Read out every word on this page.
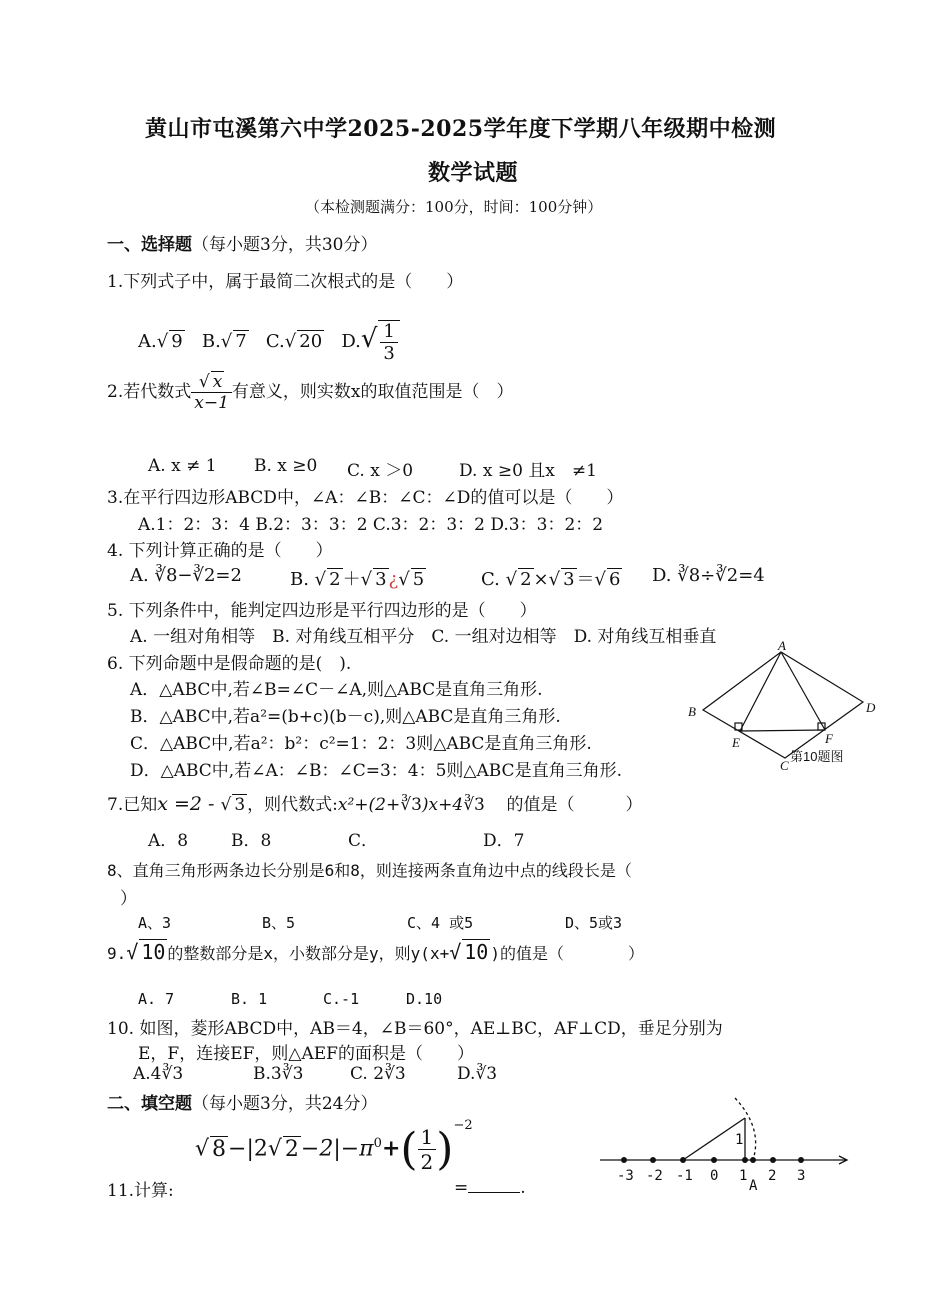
黄山市屯溪第六中学2025-2025学年度下学期八年级期中检测
数学试题
（本检测题满分：100分，时间：100分钟）
一、选择题（每小题3分，共30分）
1.下列式子中，属于最简二次根式的是（　　）
A.√ 9 B.√ 7 C.√ 20 $D.√ \frac{1}{3}$
2.若代数式 $\frac{√ x}{x-1}$ 有意义，则实数x的取值范围是（　）
A. x ≠ 1 B. x ≥0 C. x ＞0	D. x ≥0 且x　≠1
3.在平行四边形ABCD中，∠A：∠B：∠C：∠D的值可以是（　　）
A.1：2：3：4 B.2：3：3：2 C.3：2：3：2 D.3：3：2：2
4. 下列计算正确的是（　　）
A. ∛8−∛2=2	B. √ 2 ＋√ 3 ¿√ 5	C. √ 2 ×√ 3 ＝√ 6 D. ∛8÷∛2=4
5. 下列条件中，能判定四边形是平行四边形的是（　　）
A. 一组对角相等　B. 对角线互相平分　C. 一组对边相等　D. 对角线互相垂直
6. 下列命题中是假命题的是(　).
A．△ABC中,若∠B=∠C－∠A,则△ABC是直角三角形.
B．△ABC中,若a²=(b+c)(b－c),则△ABC是直角三角形.
C．△ABC中,若a²：b²：c²=1：2：3则△ABC是直角三角形.
D．△ABC中,若∠A：∠B：∠C=3：4：5则△ABC是直角三角形.
A
B	D
E	F
C
第10题图
7.已知x =2 - √ 3 ，则代数式:x²+(2+∛3)x+4∛3 的值是（　　　）
A．8	B．8	C．	D．7
8、直角三角形两条边长分别是6和8，则连接两条直角边中点的线段长是（
）
A、3	B、5	C、4 或5	D、5或3
9.√ 10 的整数部分是x，小数部分是y，则y(x+√ 10 )的值是（　　　　）
A. 7	B. 1	C.-1	D.10
10. 如图，菱形ABCD中，AB＝4，∠B＝60°，AE⊥BC，AF⊥CD，垂足分别为
E，F，连接EF，则△AEF的面积是（　　）
A.4∛3	B.3∛3	C. 2∛3	D.∛3
二、填空题（每小题3分，共24分）
11.计算:
√ 8−|2√ $2-2|-\pi^0+( \frac{1}{2} )^{-2}$
=	.
-3 -2 -1 0 1 2 3
1
A
